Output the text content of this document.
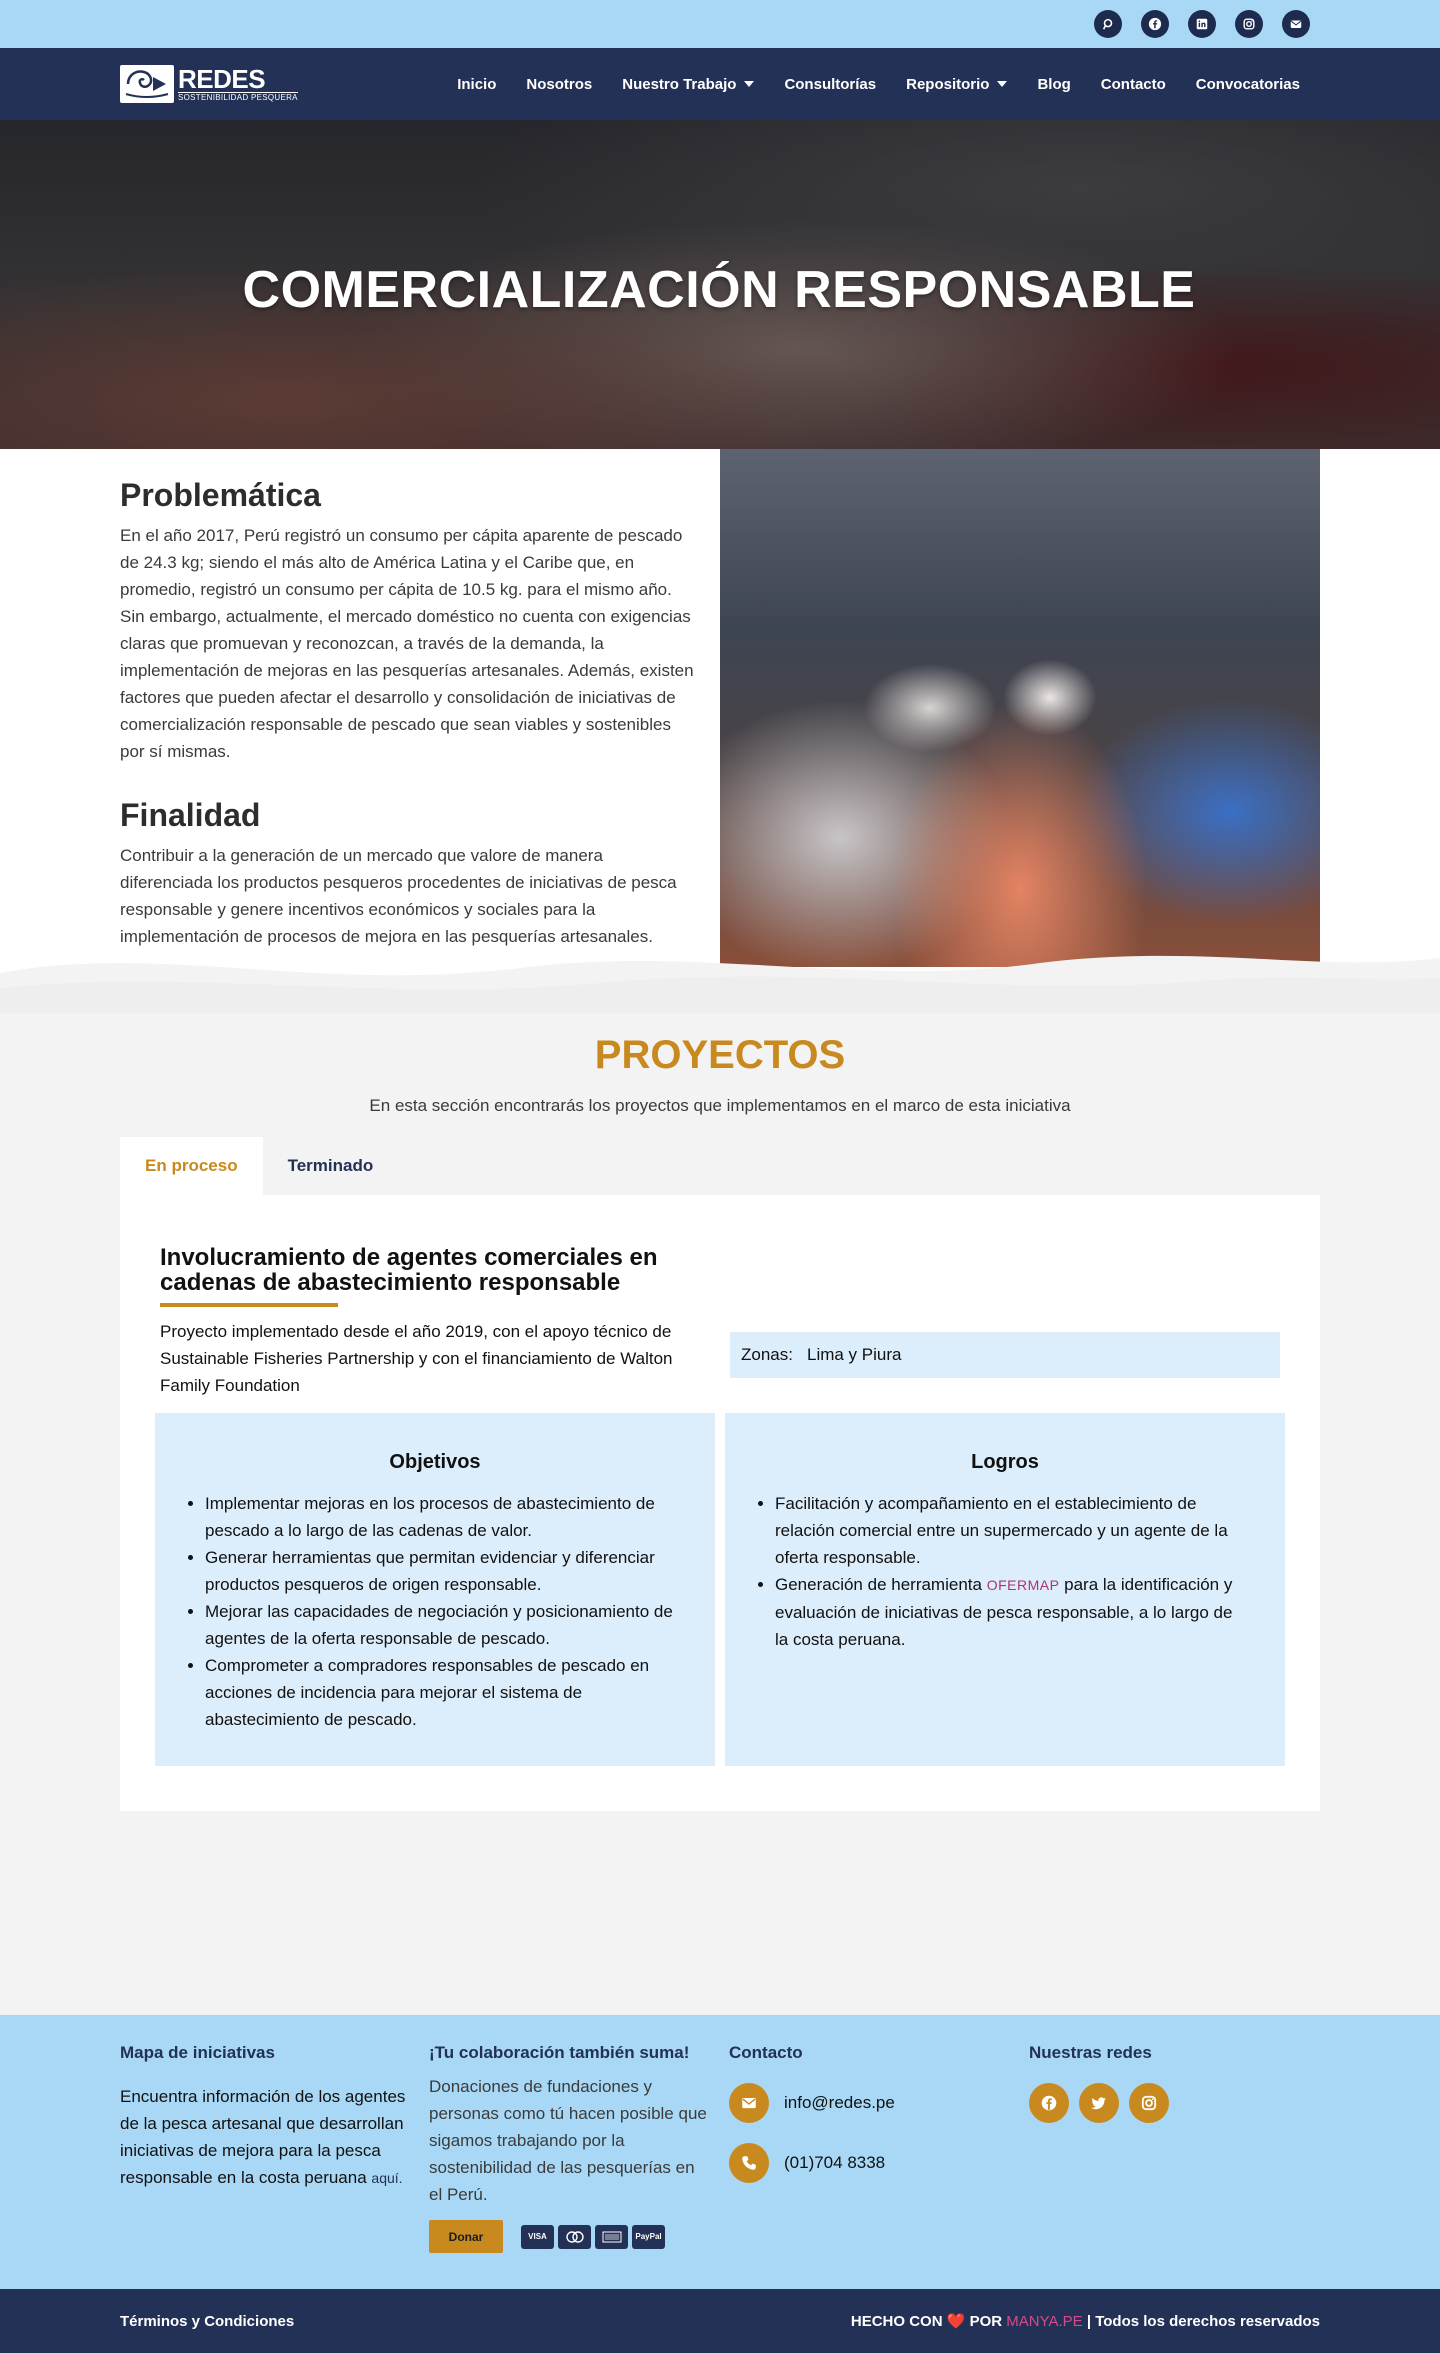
REDES
SOSTENIBILIDAD PESQUERA
Inicio Nosotros Nuestro Trabajo	Consultorías Repositorio	Blog Contacto Convocatorias
COMERCIALIZACIÓN RESPONSABLE
Problemática

En el año 2017, Perú registró un consumo per cápita aparente de pescado de 24.3 kg; siendo el más alto de América Latina y el Caribe que, en promedio, registró un consumo per cápita de 10.5 kg. para el mismo año. Sin embargo, actualmente, el mercado doméstico no cuenta con exigencias claras que promuevan y reconozcan, a través de la demanda, la implementación de mejoras en las pesquerías artesanales. Además, existen factores que pueden afectar el desarrollo y consolidación de iniciativas de comercialización responsable de pescado que sean viables y sostenibles por sí mismas.

Finalidad

Contribuir a la generación de un mercado que valore de manera diferenciada los productos pesqueros procedentes de iniciativas de pesca responsable y genere incentivos económicos y sociales para la implementación de procesos de mejora en las pesquerías artesanales.

PROYECTOS
En esta sección encontrarás los proyectos que implementamos en el marco de esta iniciativa
En proceso	Terminado
Involucramiento de agentes comerciales en cadenas de abastecimiento responsable
Proyecto implementado desde el año 2019, con el apoyo técnico de Sustainable Fisheries Partnership y con el financiamiento de Walton Family Foundation
Zonas: Lima y Piura
Objetivos
• Implementar mejoras en los procesos de abastecimiento de pescado a lo largo de las cadenas de valor.
• Generar herramientas que permitan evidenciar y diferenciar productos pesqueros de origen responsable.
• Mejorar las capacidades de negociación y posicionamiento de agentes de la oferta responsable de pescado.
• Comprometer a compradores responsables de pescado en acciones de incidencia para mejorar el sistema de abastecimiento de pescado.
Logros
• Facilitación y acompañamiento en el establecimiento de relación comercial entre un supermercado y un agente de la oferta responsable.
• Generación de herramienta OFERMAP para la identificación y evaluación de iniciativas de pesca responsable, a lo largo de la costa peruana.
Mapa de iniciativas

Encuentra información de los agentes de la pesca artesanal que desarrollan iniciativas de mejora para la pesca responsable en la costa peruana aquí.

¡Tu colaboración también suma!

Donaciones de fundaciones y personas como tú hacen posible que sigamos trabajando por la sostenibilidad de las pesquerías en el Perú.

Donar	VISA	PayPal
Contacto
info@redes.pe
(01)704 8338
Nuestras redes
Términos y Condiciones	HECHO CON ❤️ POR MANYA.PE | Todos los derechos reservados
